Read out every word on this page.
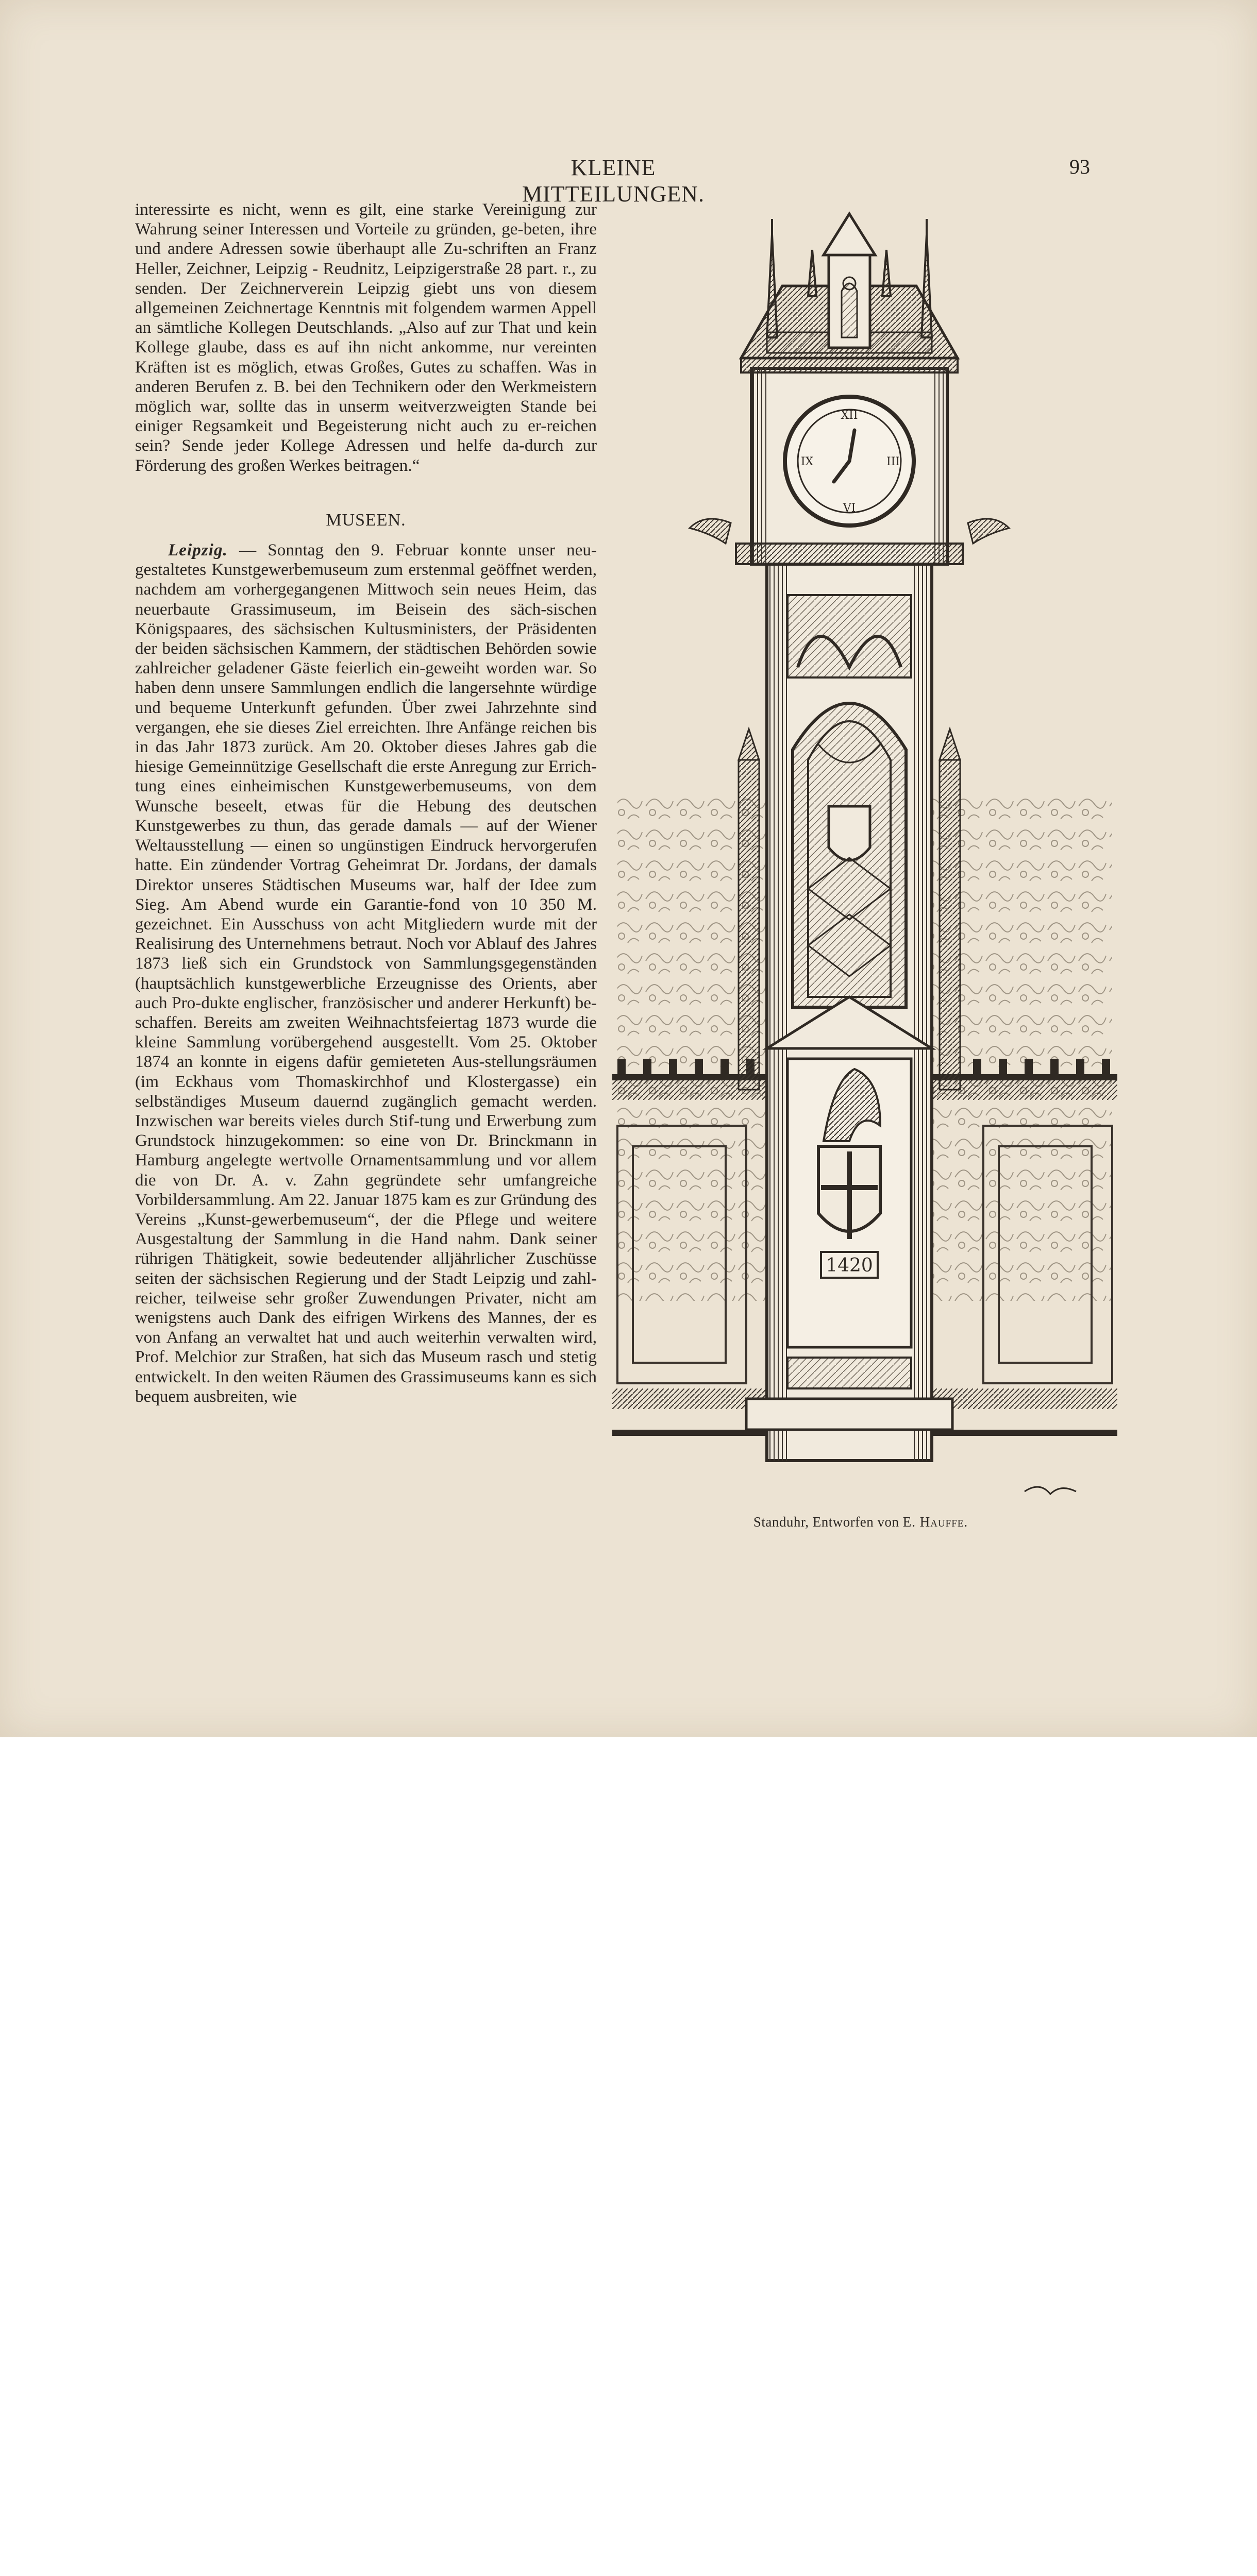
KLEINE MITTEILUNGEN.
93

interessirte es nicht, wenn es gilt, eine starke Vereinigung zur Wahrung seiner Interessen und Vorteile zu gründen, ge-beten, ihre und andere Adressen sowie überhaupt alle Zu-schriften an Franz Heller, Zeichner, Leipzig - Reudnitz, Leipzigerstraße 28 part. r., zu senden. Der Zeichnerverein Leipzig giebt uns von diesem allgemeinen Zeichnertage Kenntnis mit folgendem warmen Appell an sämtliche Kollegen Deutschlands. „Also auf zur That und kein Kollege glaube, dass es auf ihn nicht ankomme, nur vereinten Kräften ist es möglich, etwas Großes, Gutes zu schaffen. Was in anderen Berufen z. B. bei den Technikern oder den Werkmeistern möglich war, sollte das in unserm weitverzweigten Stande bei einiger Regsamkeit und Begeisterung nicht auch zu er-reichen sein? Sende jeder Kollege Adressen und helfe da-durch zur Förderung des großen Werkes beitragen.“

MUSEEN.

Leipzig. — Sonntag den 9. Februar konnte unser neu-gestaltetes Kunstgewerbemuseum zum erstenmal geöffnet werden, nachdem am vorhergegangenen Mittwoch sein neues Heim, das neuerbaute Grassimuseum, im Beisein des säch-sischen Königspaares, des sächsischen Kultusministers, der Präsidenten der beiden sächsischen Kammern, der städtischen Behörden sowie zahlreicher geladener Gäste feierlich ein-geweiht worden war. So haben denn unsere Sammlungen endlich die langersehnte würdige und bequeme Unterkunft gefunden. Über zwei Jahrzehnte sind vergangen, ehe sie dieses Ziel erreichten. Ihre Anfänge reichen bis in das Jahr 1873 zurück. Am 20. Oktober dieses Jahres gab die hiesige Gemeinnützige Gesellschaft die erste Anregung zur Errich-tung eines einheimischen Kunstgewerbemuseums, von dem Wunsche beseelt, etwas für die Hebung des deutschen Kunstgewerbes zu thun, das gerade damals — auf der Wiener Weltausstellung — einen so ungünstigen Eindruck hervorgerufen hatte. Ein zündender Vortrag Geheimrat Dr. Jordans, der damals Direktor unseres Städtischen Museums war, half der Idee zum Sieg. Am Abend wurde ein Garantie-fond von 10 350 M. gezeichnet. Ein Ausschuss von acht Mitgliedern wurde mit der Realisirung des Unternehmens betraut. Noch vor Ablauf des Jahres 1873 ließ sich ein Grundstock von Sammlungsgegenständen (hauptsächlich kunstgewerbliche Erzeugnisse des Orients, aber auch Pro-dukte englischer, französischer und anderer Herkunft) be-schaffen. Bereits am zweiten Weihnachtsfeiertag 1873 wurde die kleine Sammlung vorübergehend ausgestellt. Vom 25. Oktober 1874 an konnte in eigens dafür gemieteten Aus-stellungsräumen (im Eckhaus vom Thomaskirchhof und Klostergasse) ein selbständiges Museum dauernd zugänglich gemacht werden. Inzwischen war bereits vieles durch Stif-tung und Erwerbung zum Grundstock hinzugekommen: so eine von Dr. Brinckmann in Hamburg angelegte wertvolle Ornamentsammlung und vor allem die von Dr. A. v. Zahn gegründete sehr umfangreiche Vorbildersammlung. Am 22. Januar 1875 kam es zur Gründung des Vereins „Kunst-gewerbemuseum“, der die Pflege und weitere Ausgestaltung der Sammlung in die Hand nahm. Dank seiner rührigen Thätigkeit, sowie bedeutender alljährlicher Zuschüsse seiten der sächsischen Regierung und der Stadt Leipzig und zahl-reicher, teilweise sehr großer Zuwendungen Privater, nicht am wenigstens auch Dank des eifrigen Wirkens des Mannes, der es von Anfang an verwaltet hat und auch weiterhin verwalten wird, Prof. Melchior zur Straßen, hat sich das Museum rasch und stetig entwickelt. In den weiten Räumen des Grassimuseums kann es sich bequem ausbreiten, wie

1420
XII
III
VI
IX
Standuhr, Entworfen von E. Hauffe.
